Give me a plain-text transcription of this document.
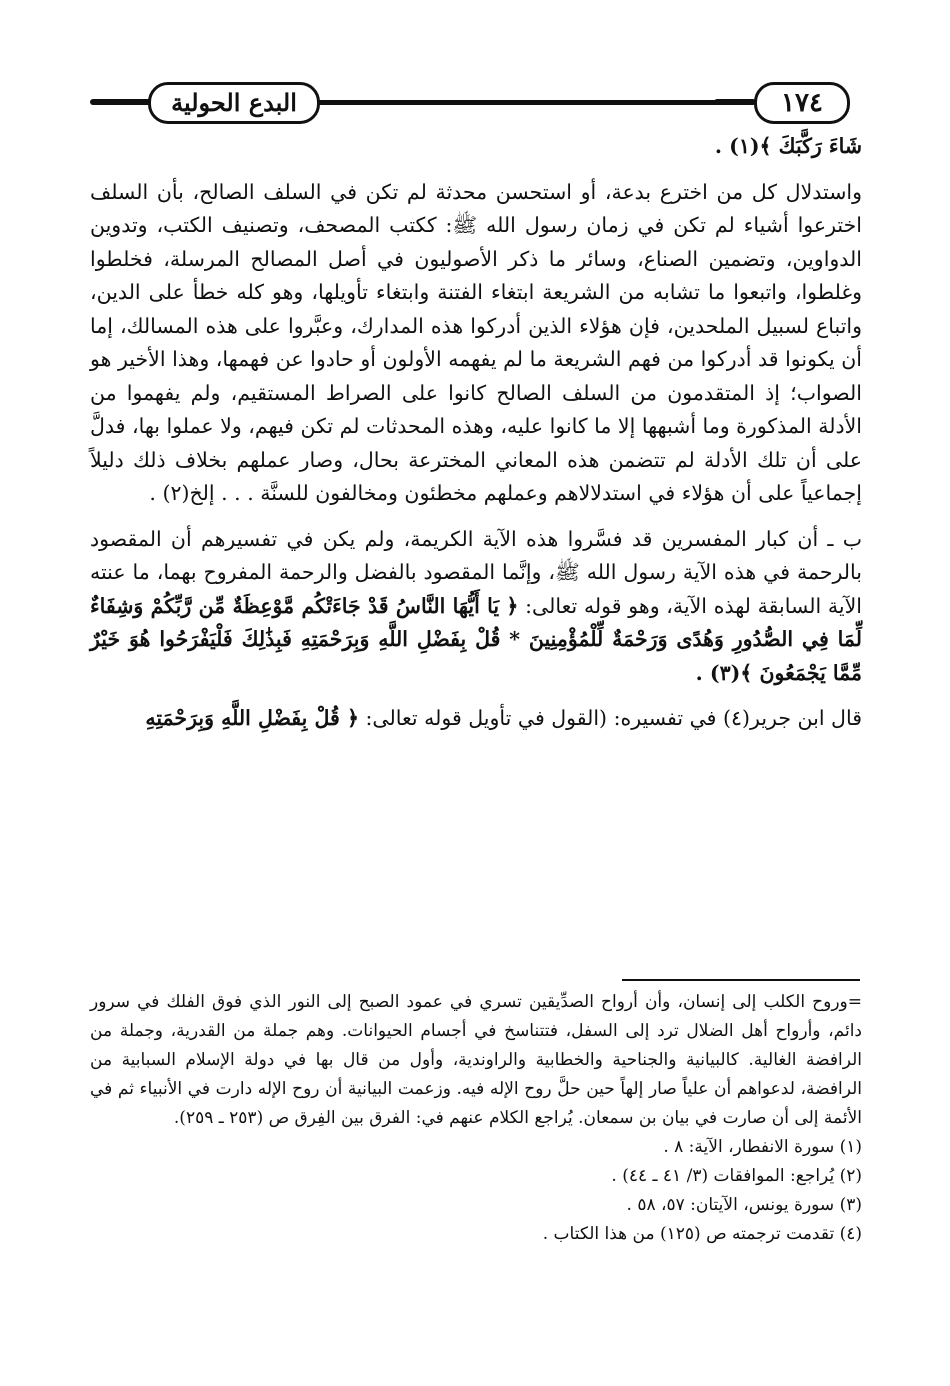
١٧٤
البدع الحولية

شَاءَ رَكَّبَكَ ﴾(١) .

واستدلال كل من اخترع بدعة، أو استحسن محدثة لم تكن في السلف الصالح، بأن السلف اخترعوا أشياء لم تكن في زمان رسول الله ﷺ: ككتب المصحف، وتصنيف الكتب، وتدوين الدواوين، وتضمين الصناع، وسائر ما ذكر الأصوليون في أصل المصالح المرسلة، فخلطوا وغلطوا، واتبعوا ما تشابه من الشريعة ابتغاء الفتنة وابتغاء تأويلها، وهو كله خطأ على الدين، واتباع لسبيل الملحدين، فإن هؤلاء الذين أدركوا هذه المدارك، وعبَّروا على هذه المسالك، إما أن يكونوا قد أدركوا من فهم الشريعة ما لم يفهمه الأولون أو حادوا عن فهمها، وهذا الأخير هو الصواب؛ إذ المتقدمون من السلف الصالح كانوا على الصراط المستقيم، ولم يفهموا من الأدلة المذكورة وما أشبهها إلا ما كانوا عليه، وهذه المحدثات لم تكن فيهم، ولا عملوا بها، فدلَّ على أن تلك الأدلة لم تتضمن هذه المعاني المخترعة بحال، وصار عملهم بخلاف ذلك دليلاً إجماعياً على أن هؤلاء في استدلالاهم وعملهم مخطئون ومخالفون للسنَّة . . . إلخ(٢) .

ب ـ أن كبار المفسرين قد فسَّروا هذه الآية الكريمة، ولم يكن في تفسيرهم أن المقصود بالرحمة في هذه الآية رسول الله ﷺ، وإنَّما المقصود بالفضل والرحمة المفروح بهما، ما عنته الآية السابقة لهذه الآية، وهو قوله تعالى: ﴿ يَا أَيُّهَا النَّاسُ قَدْ جَاءَتْكُم مَّوْعِظَةٌ مِّن رَّبِّكُمْ وَشِفَاءٌ لِّمَا فِي الصُّدُورِ وَهُدًى وَرَحْمَةٌ لِّلْمُؤْمِنِينَ * قُلْ بِفَضْلِ اللَّهِ وَبِرَحْمَتِهِ فَبِذَٰلِكَ فَلْيَفْرَحُوا هُوَ خَيْرٌ مِّمَّا يَجْمَعُونَ ﴾(٣) .

قال ابن جرير(٤) في تفسيره: (القول في تأويل قوله تعالى: ﴿ قُلْ بِفَضْلِ اللَّهِ وَبِرَحْمَتِهِ

=وروح الكلب إلى إنسان، وأن أرواح الصدِّيقين تسري في عمود الصبح إلى النور الذي فوق الفلك في سرور دائم، وأرواح أهل الضلال ترد إلى السفل، فتتناسخ في أجسام الحيوانات. وهم جملة من القدرية، وجملة من الرافضة الغالية. كالبيانية والجناحية والخطابية والراوندية، وأول من قال بها في دولة الإسلام السبابية من الرافضة، لدعواهم أن علياً صار إلهاً حين حلَّ روح الإله فيه. وزعمت البيانية أن روح الإله دارت في الأنبياء ثم في الأئمة إلى أن صارت في بيان بن سمعان. يُراجع الكلام عنهم في: الفرق بين الفِرق ص (٢٥٣ ـ ٢٥٩).

(١) سورة الانفطار، الآية: ٨ .

(٢) يُراجع: الموافقات (٣/ ٤١ ـ ٤٤) .

(٣) سورة يونس، الآيتان: ٥٧، ٥٨ .

(٤) تقدمت ترجمته ص (١٢٥) من هذا الكتاب .
